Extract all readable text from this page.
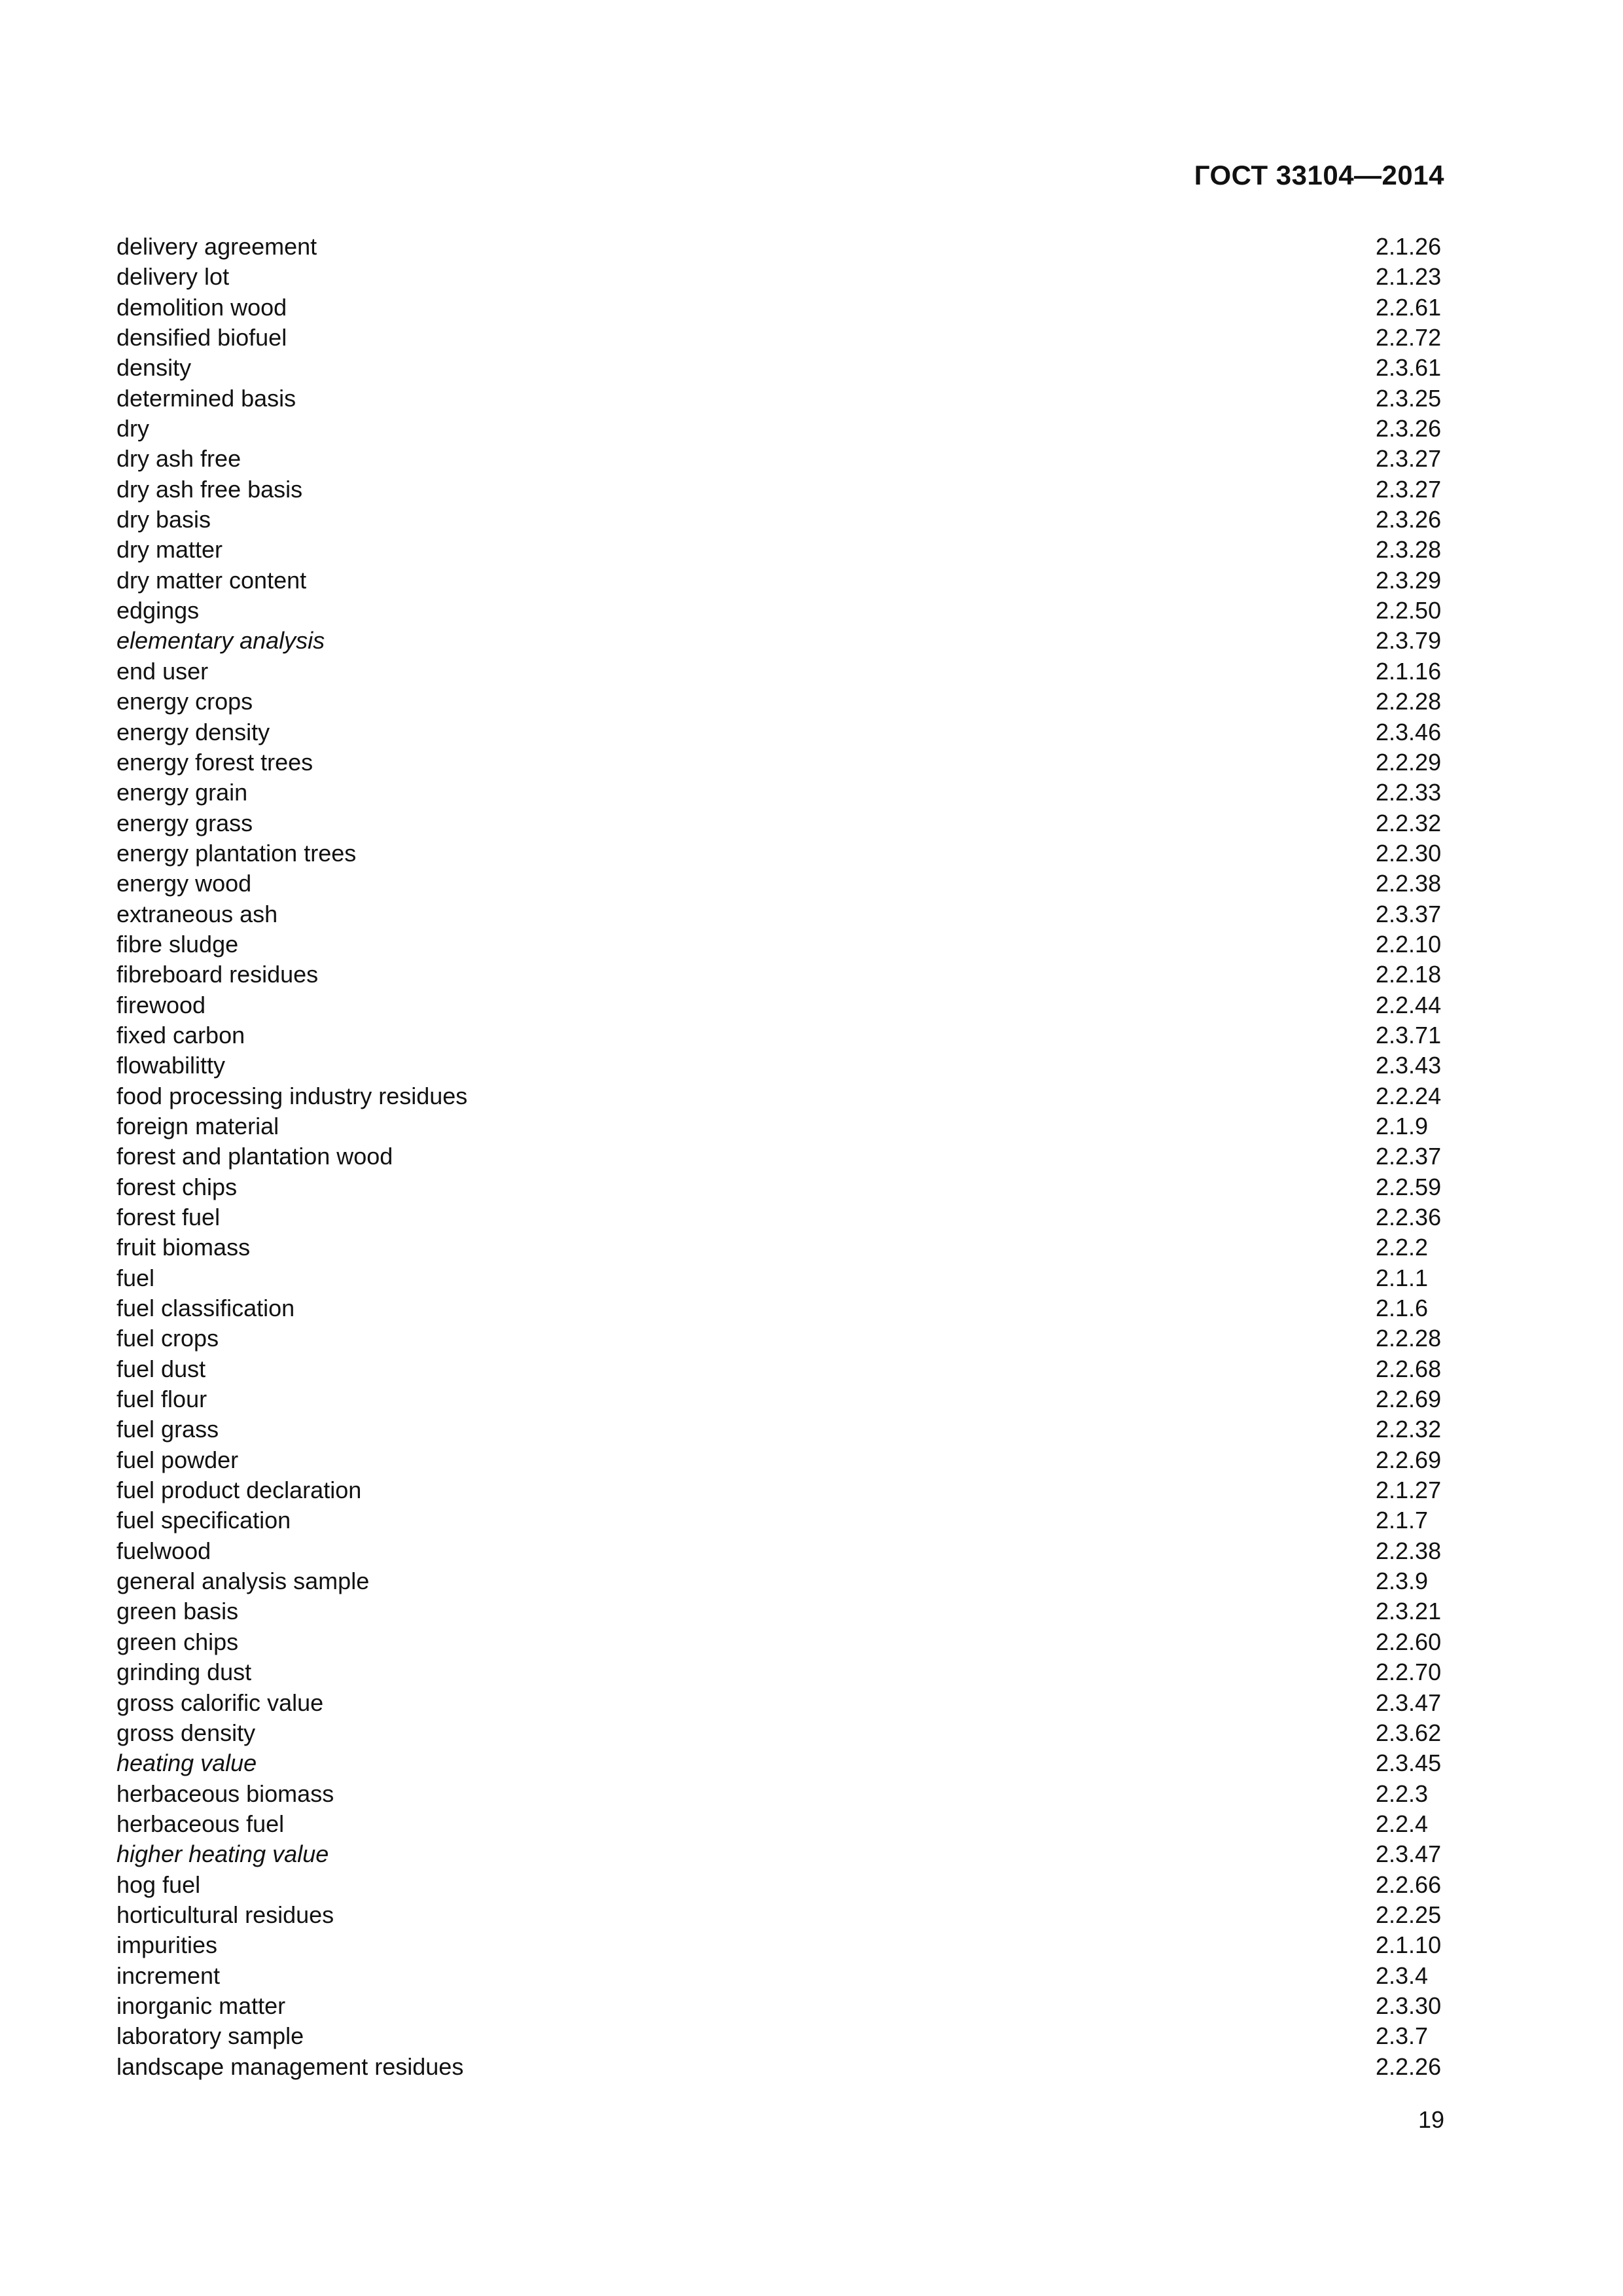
ГОСТ 33104—2014
delivery agreement	2.1.26
delivery lot	2.1.23
demolition wood	2.2.61
densified biofuel	2.2.72
density	2.3.61
determined basis	2.3.25
dry	2.3.26
dry ash free	2.3.27
dry ash free basis	2.3.27
dry basis	2.3.26
dry matter	2.3.28
dry matter content	2.3.29
edgings	2.2.50
elementary analysis	2.3.79
end user	2.1.16
energy crops	2.2.28
energy density	2.3.46
energy forest trees	2.2.29
energy grain	2.2.33
energy grass	2.2.32
energy plantation trees	2.2.30
energy wood	2.2.38
extraneous ash	2.3.37
fibre sludge	2.2.10
fibreboard residues	2.2.18
firewood	2.2.44
fixed carbon	2.3.71
flowabilitty	2.3.43
food processing industry residues	2.2.24
foreign material	2.1.9
forest and plantation wood	2.2.37
forest chips	2.2.59
forest fuel	2.2.36
fruit biomass	2.2.2
fuel	2.1.1
fuel classification	2.1.6
fuel crops	2.2.28
fuel dust	2.2.68
fuel flour	2.2.69
fuel grass	2.2.32
fuel powder	2.2.69
fuel product declaration	2.1.27
fuel specification	2.1.7
fuelwood	2.2.38
general analysis sample	2.3.9
green basis	2.3.21
green chips	2.2.60
grinding dust	2.2.70
gross calorific value	2.3.47
gross density	2.3.62
heating value	2.3.45
herbaceous biomass	2.2.3
herbaceous fuel	2.2.4
higher heating value	2.3.47
hog fuel	2.2.66
horticultural residues	2.2.25
impurities	2.1.10
increment	2.3.4
inorganic matter	2.3.30
laboratory sample	2.3.7
landscape management residues	2.2.26
19
